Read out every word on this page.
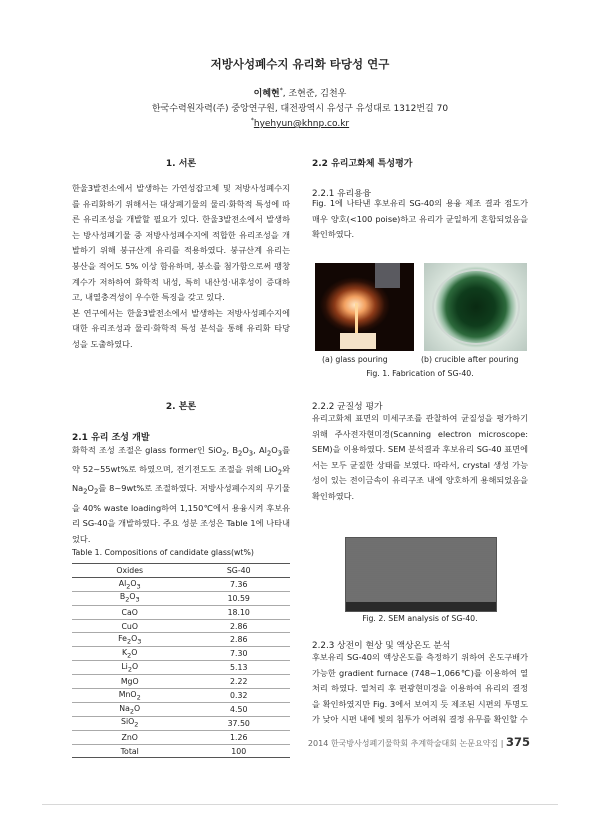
저방사성폐수지 유리화 타당성 연구
이혜현*, 조현준, 김천우
한국수력원자력(주) 중앙연구원, 대전광역시 유성구 유성대로 1312번길 70
*hyehyun@khnp.co.kr
1. 서론

한울3발전소에서 발생하는 가연성잡고체 및 저방사성폐수지를 유리화하기 위해서는 대상폐기물의 물리·화학적 특성에 따른 유리조성을 개발할 필요가 있다. 한울3발전소에서 발생하는 방사성폐기물 중 저방사성폐수지에 적합한 유리조성을 개발하기 위해 붕규산계 유리를 적용하였다. 붕규산계 유리는 붕산을 적어도 5% 이상 함유하며, 붕소를 첨가함으로써 팽창계수가 저하하여 화학적 내성, 특히 내산성·내후성이 증대하고, 내열충격성이 우수한 특징을 갖고 있다.

본 연구에서는 한울3발전소에서 발생하는 저방사성폐수지에 대한 유리조성과 물리·화학적 특성 분석을 통해 유리화 타당성을 도출하였다.

2. 본론
2.1 유리 조성 개발
화학적 조성 조절은 glass former인 SiO$_2$, $B_2O_3$, $Al_2O_3$를 약 52~55wt%로 하였으며, 전기전도도 조절을 위해 LiO$_2$와 $Na_2O_2$를 8~9wt%로 조절하였다. 저방사성폐수지의 무기물을 40% waste loading하여 1,150℃에서 용융시켜 후보유리 SG-40을 개발하였다. 주요 성분 조성은 Table 1에 나타내었다.
Table 1. Compositions of candidate glass(wt%)
Oxides	SG-40
$Al_2O_3$	7.36
$B_2O_3$	10.59
CaO	18.10
CuO	2.86
$Fe_2O_3$	2.86
$K_2O$	7.30
$Li_2O$	5.13
MgO	2.22
MnO$_2$	0.32
$Na_2O$	4.50
SiO$_2$	37.50
ZnO	1.26
Total	100
2.2 유리고화체 특성평가
2.2.1 유리용융
Fig. 1에 나타낸 후보유리 SG-40의 용융 제조 결과 점도가 매우 양호(<100 poise)하고 유리가 균일하게 혼합되었음을 확인하였다.
(a) glass pouring	(b) crucible after pouring
Fig. 1. Fabrication of SG-40.
2.2.2 균질성 평가
유리고화체 표면의 미세구조를 관찰하여 균질성을 평가하기 위해 주사전자현미경(Scanning electron microscope: SEM)을 이용하였다. SEM 분석결과 후보유리 SG-40 표면에서는 모두 균질한 상태를 보였다. 따라서, crystal 생성 가능성이 있는 전이금속이 유리구조 내에 양호하게 용해되었음을 확인하였다.
Fig. 2. SEM analysis of SG-40.
2.2.3 상전이 현상 및 액상온도 분석
후보유리 SG-40의 액상온도를 측정하기 위하여 온도구배가 가능한 gradient furnace (748~1,066℃)를 이용하여 열처리 하였다. 열처리 후 편광현미경을 이용하여 유리의 결정을 확인하였지만 Fig. 3에서 보여지 듯 제조된 시편의 투명도가 낮아 시편 내에 빛의 침투가 어려워 결정 유무를 확인할 수
2014 한국방사성폐기물학회 추계학술대회 논문요약집 | 375
